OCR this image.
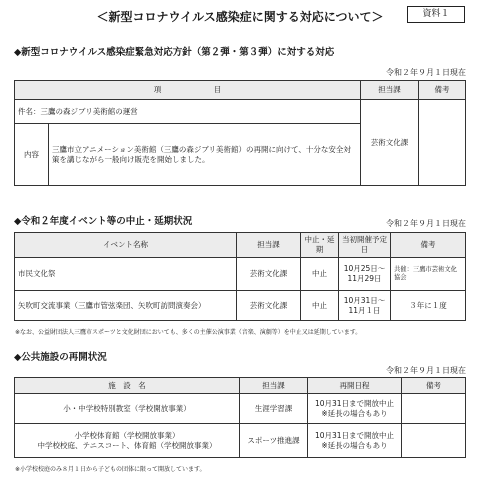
＜新型コロナウイルス感染症に関する対応について＞	資料１
◆新型コロナウイルス感染症緊急対応方針（第２弾・第３弾）に対する対応
令和２年９月１日現在
項　　　　　　　目		担当課	備考
件名：三鷹の森ジブリ美術館の運営		芸術文化課	
内容	三鷹市立アニメーション美術館（三鷹の森ジブリ美術館）の再開に向けて、十分な安全対策を講じながら一般向け販売を開始しました。		
◆令和２年度イベント等の中止・延期状況	令和２年９月１日現在
イベント名称	担当課	中止・延期	当初開催予定日	備考
市民文化祭	芸術文化課	中止	10月25日～11月29日	共催：三鷹市芸術文化協会
矢吹町交流事業（三鷹市管弦楽団、矢吹町訪問演奏会）	芸術文化課	中止	10月31日～11月１日	３年に１度
※なお、公益財団法人三鷹市スポーツと文化財団においても、多くの主催公演事業（音楽、演劇等）を中止又は延期しています。
◆公共施設の再開状況
令和２年９月１日現在
施　設　名	担当課	再開日程	備考
小・中学校特別教室（学校開放事業）	生涯学習課	10月31日まで開放中止
※延長の場合もあり	
小学校体育館（学校開放事業）
中学校校庭、テニスコート、体育館（学校開放事業）	スポーツ推進課	10月31日まで開放中止
※延長の場合もあり	
※小学校校庭のみ８月１日から子どもの団体に限って開放しています。
